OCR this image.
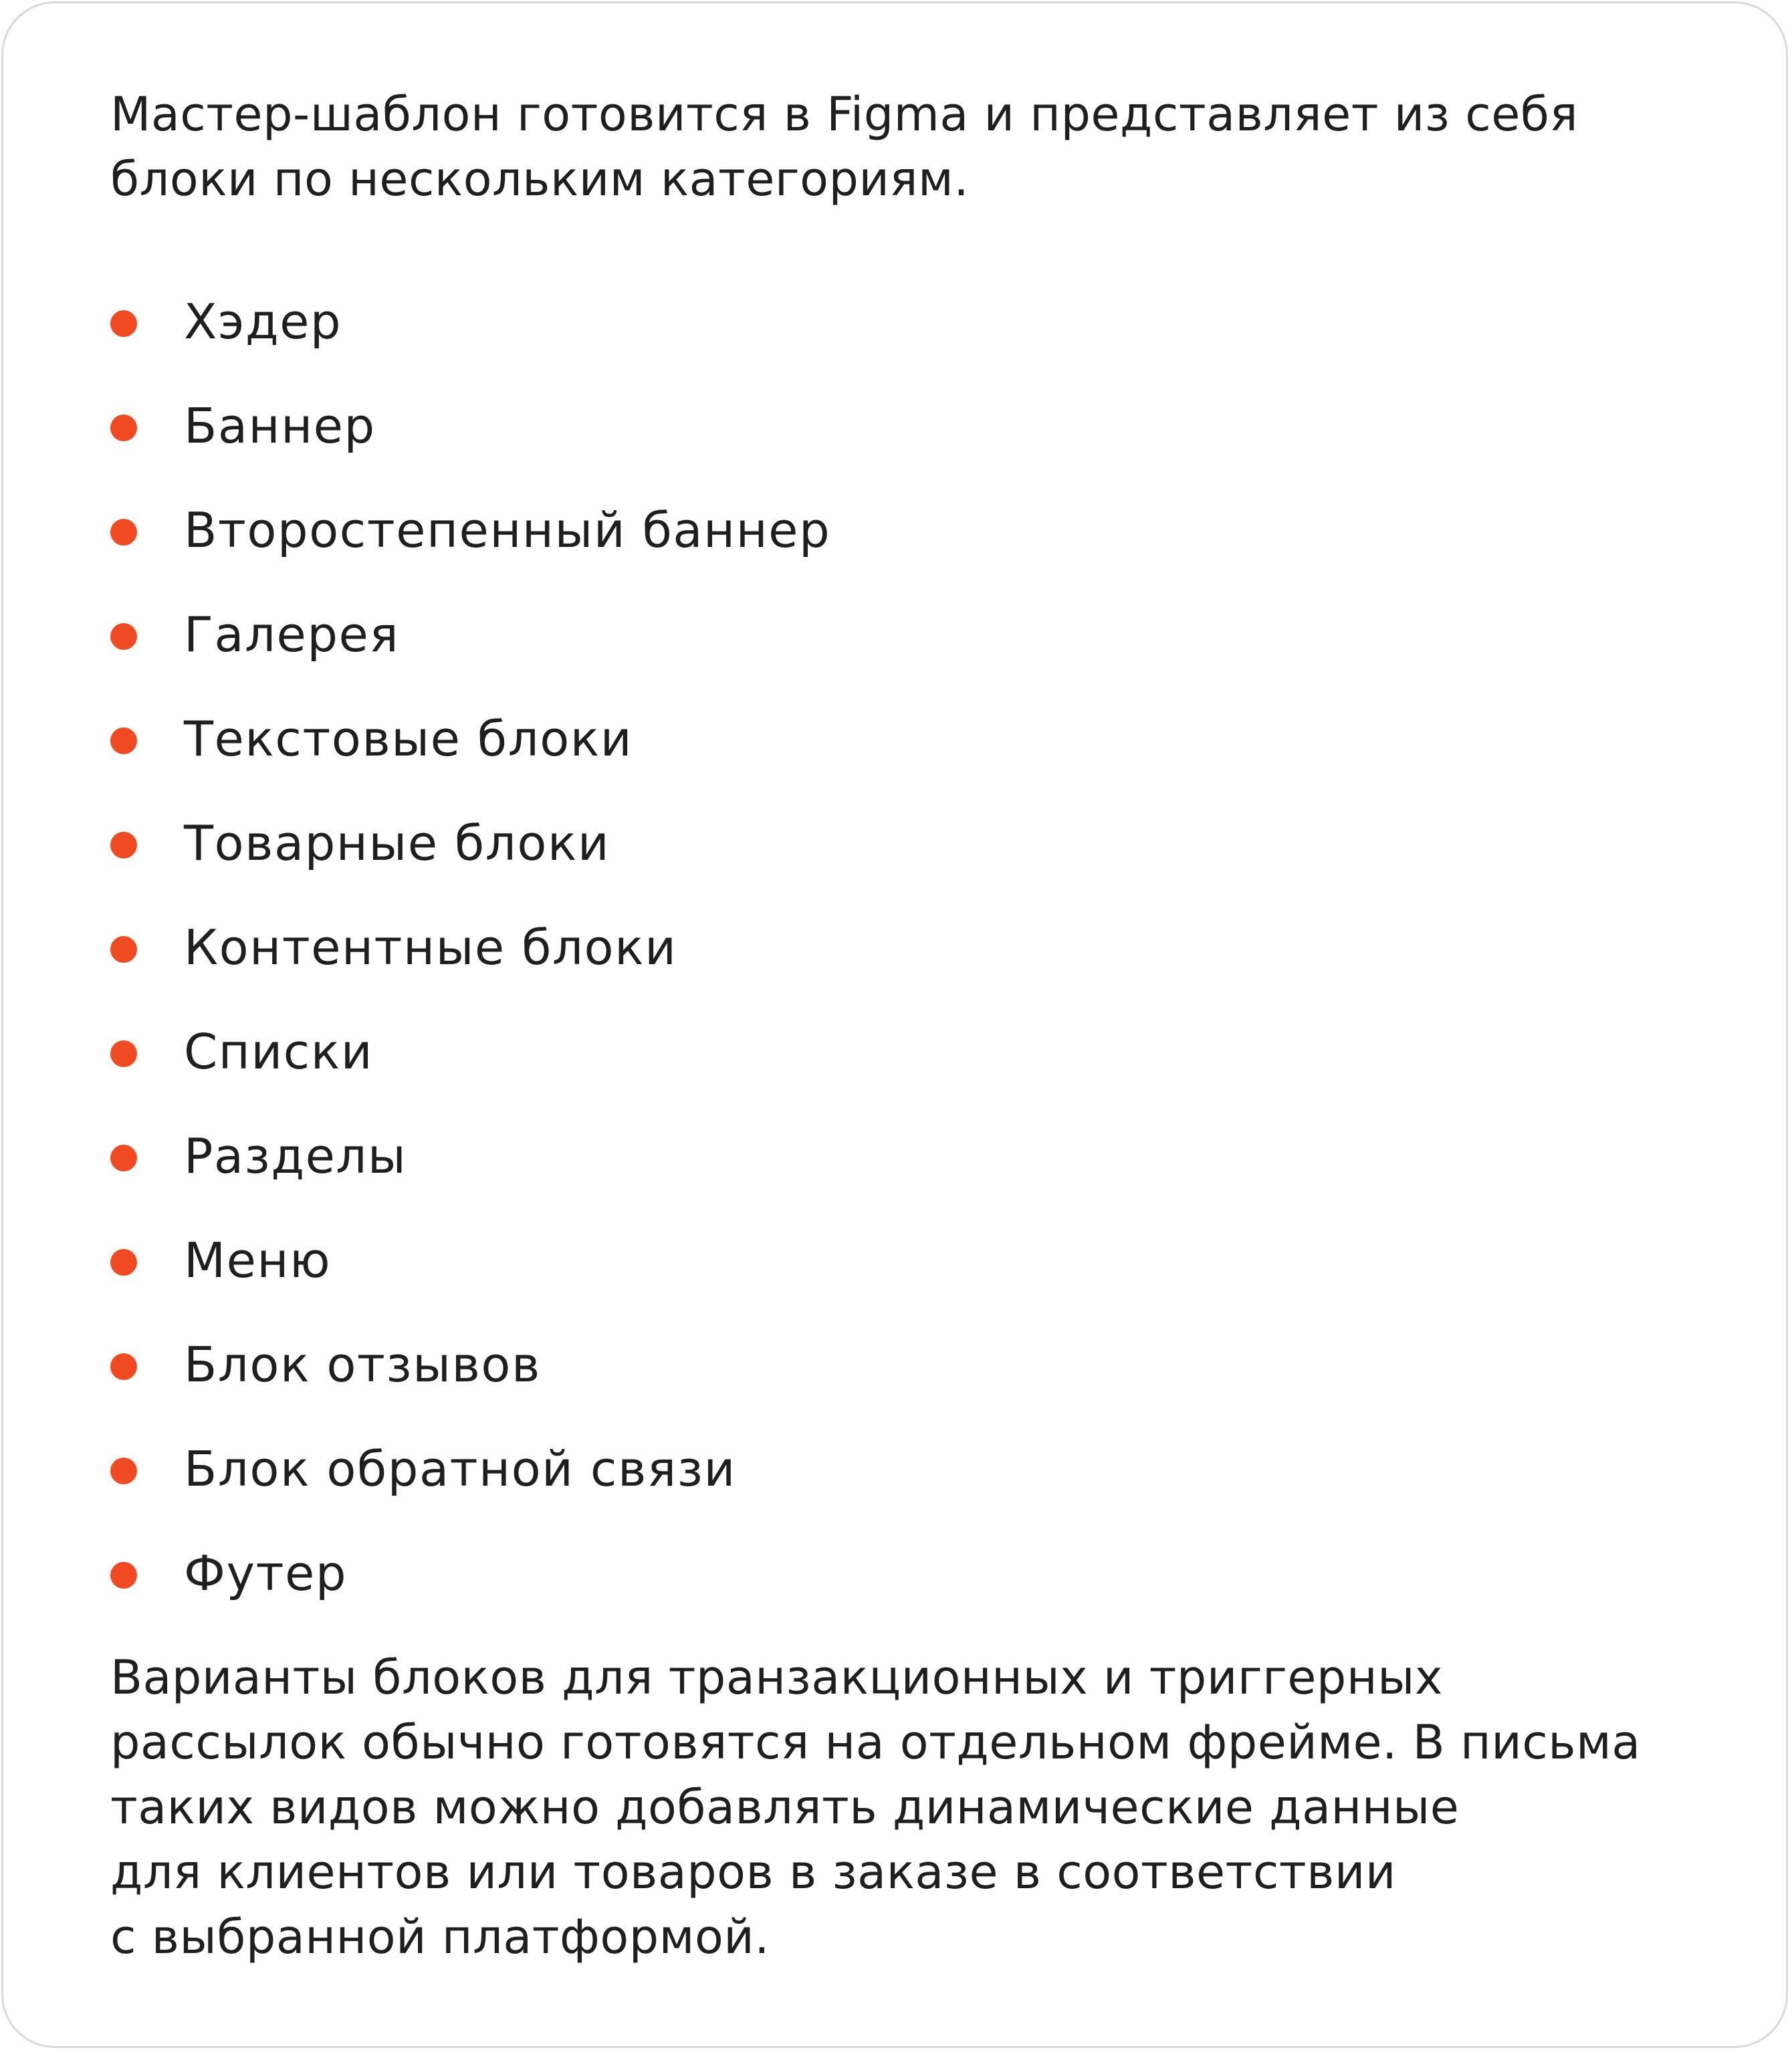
Мастер-шаблон готовится в Figma и представляет из себя
блоки по нескольким категориям.

Хэдер
Баннер
Второстепенный баннер
Галерея
Текстовые блоки
Товарные блоки
Контентные блоки
Списки
Разделы
Меню
Блок отзывов
Блок обратной связи
Футер

Варианты блоков для транзакционных и триггерных
рассылок обычно готовятся на отдельном фрейме. В письма
таких видов можно добавлять динамические данные
для клиентов или товаров в заказе в соответствии
с выбранной платформой.
